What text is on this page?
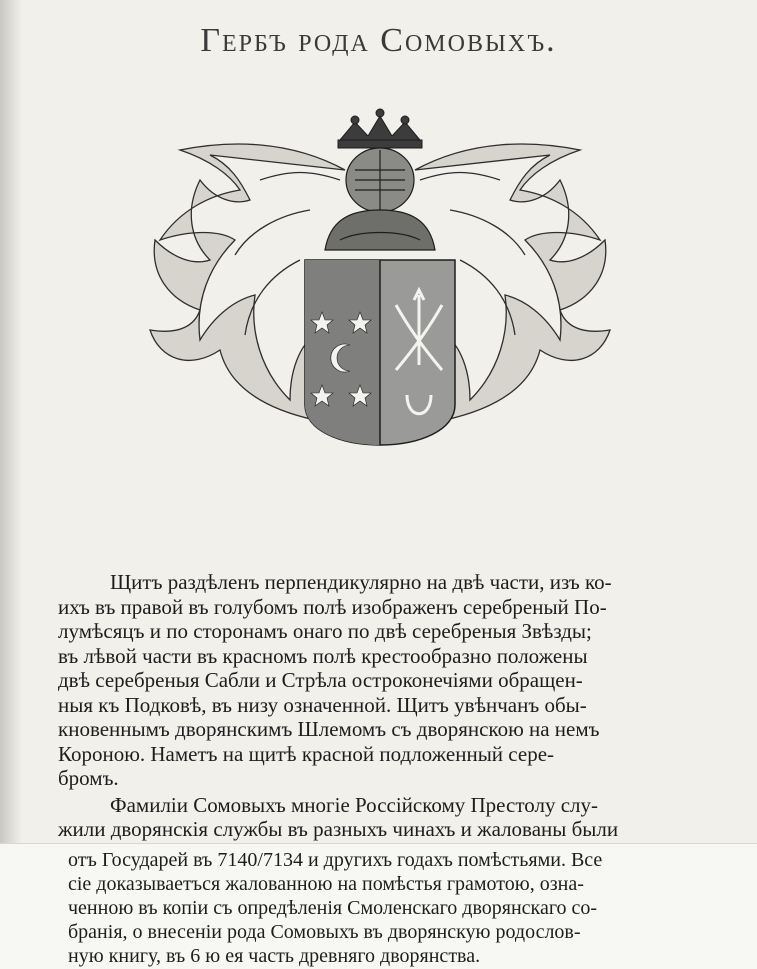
Гербъ рода Сомовыхъ.

Щитъ раздѣленъ перпендикулярно на двѣ части, изъ ко-

ихъ въ правой въ голубомъ полѣ изображенъ серебреный По-
лумѣсяцъ и по сторонамъ онаго по двѣ серебреныя Звѣзды;
въ лѣвой части въ красномъ полѣ крестообразно положены
двѣ серебреныя Сабли и Стрѣла остроконечіями обращен-
ныя къ Подковѣ, въ низу означенной. Щитъ увѣнчанъ обы-
кновеннымъ дворянскимъ Шлемомъ съ дворянскою на немъ
Короною. Наметъ на щитѣ красной подложенный сере-
бромъ.

Фамиліи Сомовыхъ многіе Россійскому Престолу слу-

жили дворянскія службы въ разныхъ чинахъ и жалованы были
отъ Государей въ 7140/7134 и другихъ годахъ помѣстьями. Все
сіе доказываетъся жалованною на помѣстья грамотою, озна-
ченною въ копіи съ опредѣленія Смоленскаго дворянскаго со-
бранія, о внесеніи рода Сомовыхъ въ дворянскую родослов-
ную книгу, въ 6 ю ея часть древняго дворянства.
